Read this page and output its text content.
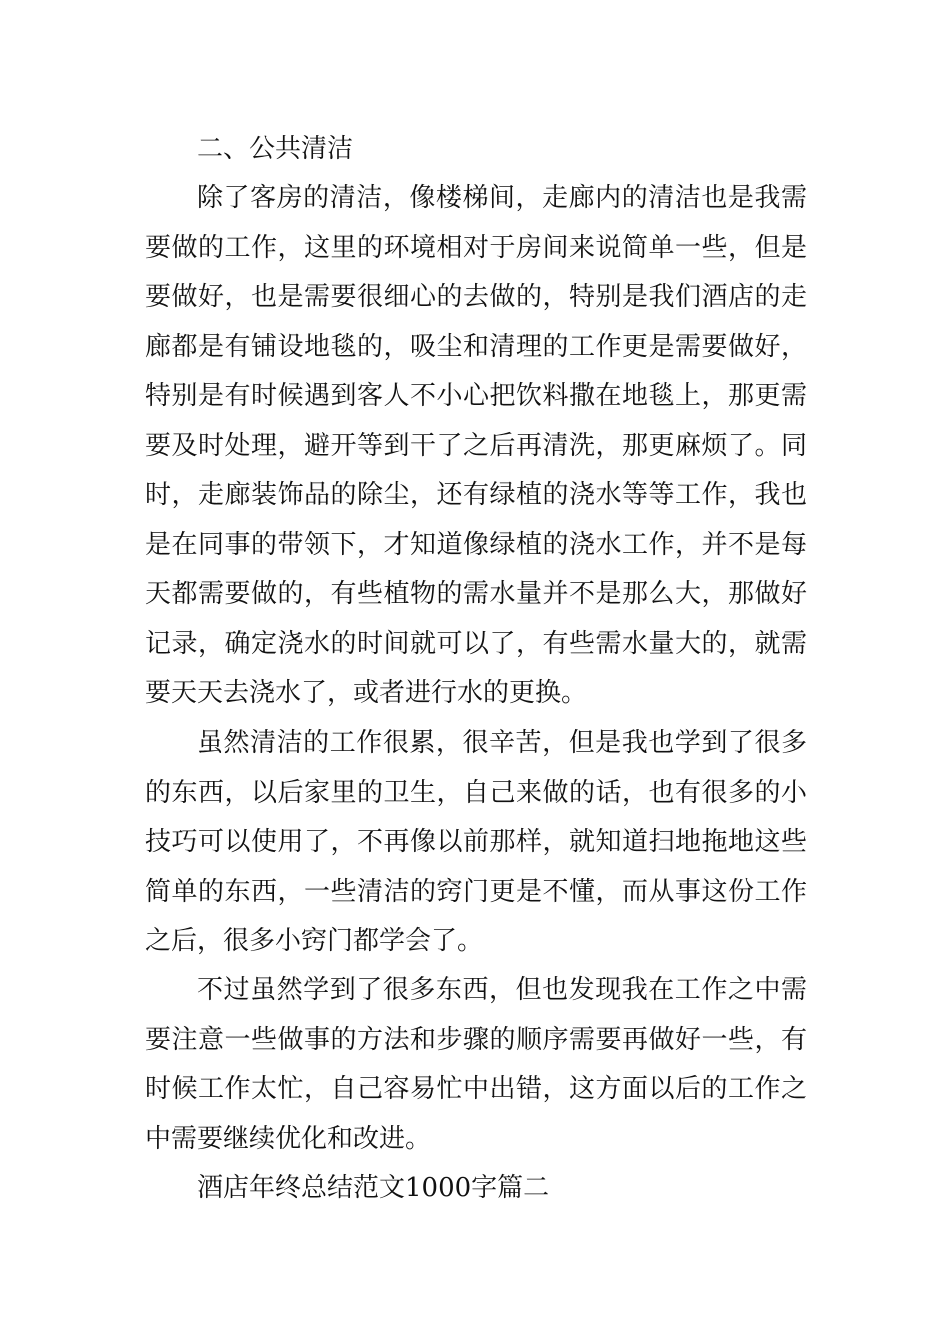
二、公共清洁

除了客房的清洁，像楼梯间，走廊内的清洁也是我需要做的工作，这里的环境相对于房间来说简单一些，但是要做好，也是需要很细心的去做的，特别是我们酒店的走廊都是有铺设地毯的，吸尘和清理的工作更是需要做好，特别是有时候遇到客人不小心把饮料撒在地毯上，那更需要及时处理，避开等到干了之后再清洗，那更麻烦了。同时，走廊装饰品的除尘，还有绿植的浇水等等工作，我也是在同事的带领下，才知道像绿植的浇水工作，并不是每天都需要做的，有些植物的需水量并不是那么大，那做好记录，确定浇水的时间就可以了，有些需水量大的，就需要天天去浇水了，或者进行水的更换。

虽然清洁的工作很累，很辛苦，但是我也学到了很多的东西，以后家里的卫生，自己来做的话，也有很多的小技巧可以使用了，不再像以前那样，就知道扫地拖地这些简单的东西，一些清洁的窍门更是不懂，而从事这份工作之后，很多小窍门都学会了。

不过虽然学到了很多东西，但也发现我在工作之中需要注意一些做事的方法和步骤的顺序需要再做好一些，有时候工作太忙，自己容易忙中出错，这方面以后的工作之中需要继续优化和改进。

酒店年终总结范文1000字篇二
